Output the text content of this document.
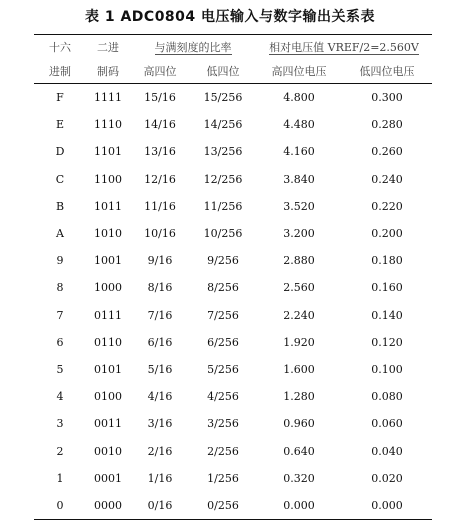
表 1 ADC0804 电压输入与数字输出关系表
十六	二进	与满刻度的比率		相对电压值 VREF/2=2.560V	
进制	制码	高四位	低四位	高四位电压	低四位电压
F	1111	15/16	15/256	4.800	0.300
E	1110	14/16	14/256	4.480	0.280
D	1101	13/16	13/256	4.160	0.260
C	1100	12/16	12/256	3.840	0.240
B	1011	11/16	11/256	3.520	0.220
A	1010	10/16	10/256	3.200	0.200
9	1001	9/16	9/256	2.880	0.180
8	1000	8/16	8/256	2.560	0.160
7	0111	7/16	7/256	2.240	0.140
6	0110	6/16	6/256	1.920	0.120
5	0101	5/16	5/256	1.600	0.100
4	0100	4/16	4/256	1.280	0.080
3	0011	3/16	3/256	0.960	0.060
2	0010	2/16	2/256	0.640	0.040
1	0001	1/16	1/256	0.320	0.020
0	0000	0/16	0/256	0.000	0.000
